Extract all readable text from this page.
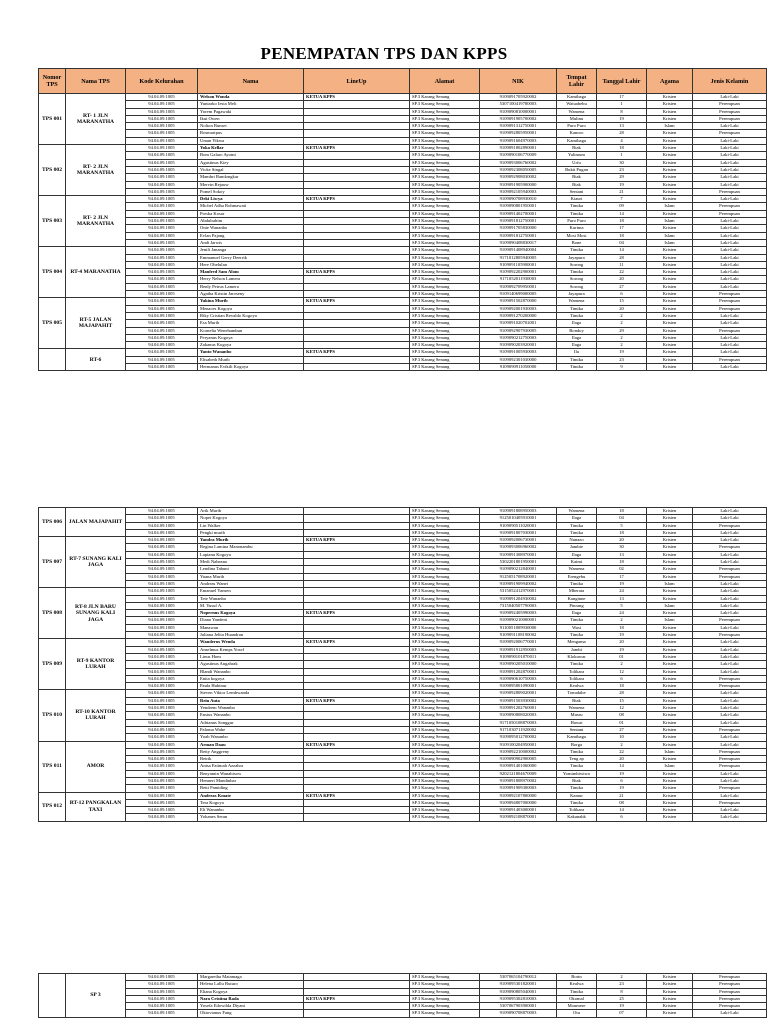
PENEMPATAN TPS DAN KPPS
Nomor TPS	Nama TPS	Kode Kelurahan	Nama	LineUp	Alamat	NIK	Tempat Lahir	Tanggal Lahir	Agama	Jenis Kelamin
TPS 001	RT- 1 JLN MARANATHA	94.04.09.1005	Welson Wonda	KETUA KPPS	SP.3 Karang Senang	9109091705920002	Kamibaga	17	Kristen	Laki-Laki
		94.04.09.1005	Yuniarko Iesta Meli		SP.3 Karang Senang	5307100419780003	Waiuabebu	1	Kristen	Perempuan
		94.04.09.1005	Yorem Pagawaki		SP.3 Karang Senang	9109090810000001	Wamena	8	Kristen	Perempuan
		94.04.09.1005	Ikut Owen		SP.3 Karang Senang	9109091905700002	Mulinu	19	Kristen	Perempuan
		94.04.09.1005	Nolton Bunsei		SP.3 Karang Senang	9109091312750001	Puro Puro	13	Islam	Laki-Laki
		94.04.09.1005	Rosmaripus		SP.3 Karang Senang	9109092805950001	Kanoro	28	Kristen	Perempuan
		94.04.09.1005	Uman Yikwa		SP.3 Karang Senang	9109091604970003	Kamibaga	4	Kristen	Laki-Laki
TPS 002	RT- 2 JLN MARANATHA	94.04.09.1005	Yoka Kellar	KETUA KPPS	SP.3 Karang Senang	9109091802890001	Biak	18	Kristen	Laki-Laki
		94.04.09.1005	Bom Galaro Ayomi		SP.3 Karang Senang	9109090106770009	Yalimum	1	Kristen	Laki-Laki
		94.04.09.1005	Agustinus Kiey		SP.3 Karang Senang	9109093006760002	Urfu	30	Kristen	Laki-Laki
		94.04.09.1005	Vicke Singal		SP.3 Karang Senang	9109092308050005	Bukit Pugan	23	Kristen	Laki-Laki
		94.04.09.1005	Mambri Randongkar		SP.3 Karang Senang	9109092908030002	Biak	29	Kristen	Laki-Laki
		94.04.09.1005	Mervin Rejauw		SP.3 Karang Senang	9109091905900000	Biak	19	Kristen	Laki-Laki
		94.04.09.1005	Pomel Sokoy		SP.3 Karang Senang	9109092105940003	Sentani	21	Kristen	Perempuan
TPS 003	RT- 2 JLN MARANATHA	94.04.09.1005	Deki Liwya	KETUA KPPS	SP.3 Karang Senang	9109090708930010	Kiauri	7	Kristen	Laki-Laki
		94.04.09.1005	Michel Adha Rohmawati		SP.3 Karang Senang	9109090801950001	Timika	09	Islam	Perempuan
		94.04.09.1005	Preska Kosar		SP.3 Karang Senang	9109091402700001	Timika	14	Kristen	Perempuan
		94.04.09.1005	Abdulrahim		SP.3 Karang Senang	9109091812750001	Puro Puro	18	Islam	Laki-Laki
		94.04.09.1005	Onie Wananbo		SP.3 Karang Senang	9109091705830000	Kurima	17	Kristen	Laki-Laki
		94.04.09.1005	Evlan Pajang		SP.3 Karang Senang	9109091812750001	Mosi Mosi	18	Islam	Laki-Laki
		94.04.09.1005	Andi Jarwis		SP.3 Karang Senang	9109090408830017	Bone	04	Islam	Laki-Laki
TPS 004	RT-4 MARANATHA	94.04.09.1005	Jenifi Jananga		SP.3 Karang Senang	9109091408940004	Timika	14	Kristen	Laki-Laki
		94.04.09.1005	Emmanuel Gerry Deerrik		SP.3 Karang Senang	9171012805940005	Jayapura	28	Kristen	Laki-Laki
		94.04.09.1005	Here Ohelulan		SP.3 Karang Senang	9109091105900001	Sorong	11	Kristen	Laki-Laki
		94.04.09.1005	Manfred Sam Alom	KETUA KPPS	SP.3 Karang Senang	9109092202900001	Timika	22	Kristen	Laki-Laki
		94.04.09.1005	Herry Nelson Lamera		SP.3 Karang Senang	9171052011930003	Sorong	20	Kristen	Laki-Laki
		94.04.09.1005	Benly Petrus Lamera		SP.3 Karang Senang	9109092709950001	Sorong	27	Kristen	Laki-Laki
		94.04.09.1005	Agatha Kristin Jaroseny		SP.3 Karang Senang	9109140699000005	Jayapura	6	Kristen	Perempuan
TPS 005	RT-5 JALAN MAJAPAHIT	94.04.09.1005	Yakina Murib	KETUA KPPS	SP.3 Karang Senang	9109091502870000	Wamena	15	Kristen	Perempuan
		94.04.09.1005	Menaces Kogoya		SP.3 Karang Senang	9109092001930003	Timika	20	Kristen	Perempuan
		94.04.09.1005	Riky Cristian Revaldo Kogoya		SP.3 Karang Senang	9109091270200000	Timika	2	Kristen	Laki-Laki
		94.04.09.1005	Esa Murib		SP.3 Karang Senang	9109091020702001	Ilaga	2	Kristen	Laki-Laki
		94.04.09.1005	Kornelia Wenehambun		SP.3 Karang Senang	9109092907930005	Bondoy	29	Kristen	Perempuan
		94.04.09.1005	Peryanus Kogoya		SP.3 Karang Senang	9109090212750003	Ilaga	2	Kristen	Laki-Laki
		94.04.09.1005	Zakanus Kogoya		SP.3 Karang Senang	9109090203920001	Ilaga	2	Kristen	Laki-Laki
	RT-6	94.04.09.1005	Yanto Wananbo	KETUA KPPS	SP.3 Karang Senang	9109091005930003	Ilu	19	Kristen	Laki-Laki
		94.04.09.1005	Elisabeth Murib		SP.3 Karang Senang	9109092301030000	Timika	23	Kristen	Perempuan
		94.04.09.1005	Hermanus Evikili Kogoya		SP.3 Karang Senang	9109090911050000	Timika	9	Kristen	Laki-Laki
TPS 006	JALAN MAJAPAHIT	94.04.09.1005	Arik Murib		SP.3 Karang Senang	9109091808950003	Wamena	18	Kristen	Laki-Laki
		94.04.09.1005	Nopei Kogoya		SP.3 Karang Senang	9125010405910001	Ilaga	04	Kristen	Laki-Laki
		94.04.09.1005	Lin Walker		SP.3 Karang Senang	9109090511020001	Timika	5	Kristen	Perempuan
		94.04.09.1005	Pengki murib		SP.3 Karang Senang	9109091807030001	Timika	18	Kristen	Laki-Laki
TPS 007	RT-7 SUNANG KALI JAGA	94.04.09.1005	Yandra Murib	KETUA KPPS	SP.3 Karang Senang	9109092006730001	Nunazo	20	Kristen	Laki-Laki
		94.04.09.1005	Regina Lamina Manonambu		SP.3 Karang Senang	9109093006960002	Jambie	30	Kristen	Perempuan
		94.04.09.1005	Laptanu Kogoya		SP.3 Karang Senang	9109091308970001	Ilaga	13	Kristen	Laki-Laki
		94.04.09.1005	Medi Nabeano		SP.3 Karang Senang	5302201801950001	Kaimt	18	Kristen	Laki-Laki
		94.04.09.1005	Lendina Tabuni		SP.3 Karang Senang	9109090212840001	Wamena	02	Kristen	Perempuan
		94.04.09.1005	Yuana Murib		SP.3 Karang Senang	9125051708920001	Erengebu	17	Kristen	Perempuan
		94.04.09.1005	Andreas Wanei		SP.3 Karang Senang	9109091909940002	Timika	19	Islam	Laki-Laki
TPS 008	RT-8 JLN BARU SUNANG KALI JAGA	94.04.09.1005	Emanuel Yansen		SP.3 Karang Senang	5315052412970001	Mberata	24	Kristen	Laki-Laki
		94.04.09.1005	Tete Wananbo		SP.3 Karang Senang	9109091204930002	Kanginne	13	Kristen	Laki-Laki
		94.04.09.1005	M. Yusuf A.		SP.3 Karang Senang	7315040507790003	Pinrang	5	Islam	Laki-Laki
		94.04.09.1005	Nopernus Kogoya	KETUA KPPS	SP.3 Karang Senang	9109092405990003	Ilaga	24	Kristen	Laki-Laki
		94.04.09.1005	Diana Yandeni		SP.3 Karang Senang	9109090210000001	Timika	2	Islam	Perempuan
		94.04.09.1005	Manawan		SP.3 Karang Senang	9110051809930000	Wasi	18	Kristen	Laki-Laki
		94.04.09.1005	Juliana Jelita Huandran		SP.3 Karang Senang	9109091108190002	Timika	19	Kristen	Perempuan
TPS 009	RT-9 KANTOR LURAH	94.04.09.1005	Wanderus Wenda	KETUA KPPS	SP.3 Karang Senang	9109092006770001	Mengama	20	Kristen	Laki-Laki
		94.04.09.1005	Anselmus Kemps Yosef		SP.3 Karang Senang	9109091912950003	Jambi	19	Kristen	Laki-Laki
		94.04.09.1005	Linus Hom		SP.3 Karang Senang	9109090101870011	Klokuwar	01	Kristen	Laki-Laki
		94.04.09.1005	Agustinus Angahrak		SP.3 Karang Senang	9109090205010000	Timika	2	Kristen	Laki-Laki
		94.04.09.1005	Blandi Wananbo		SP.3 Karang Senang	9109091202870001	Tolikara	12	Kristen	Laki-Laki
		94.04.09.1005	Enita kogoya		SP.3 Karang Senang	9109090610750003	Tolikara	6	Kristen	Perempuan
		94.04.09.1005	Paula Hubinur		SP.3 Karang Senang	9109095801090001	Kealwa	18	Kristen	Perempuan
TPS 010	RT-10 KANTOR LURAH	94.04.09.1005	Steven Viktor Lembwanda		SP.3 Karang Senang	9109092809020001	Tomakthe	28	Kristen	Laki-Laki
		94.04.09.1005	Rein Auta	KETUA KPPS	SP.3 Karang Senang	9109091503930002	Biak	15	Kristen	Laki-Laki
		94.04.09.1005	Yendrem Wananbo		SP.3 Karang Senang	9109091202760001	Wamena	12	Kristen	Laki-Laki
		94.04.09.1005	Ensius Wananbo		SP.3 Karang Senang	9109090808020003	Musru	08	Kristen	Laki-Laki
		94.04.09.1005	Adrianus Songgur		SP.3 Karang Senang	9171050108870003	Hawai	01	Kristen	Laki-Laki
		94.04.09.1005	Paloma Wabe		SP.3 Karang Senang	9171030711920002	Sentani	27	Kristen	Perempuan
		94.04.09.1005	Yoab Wananbo		SP.3 Karang Senang	9109095012700002	Kamibaga	10	Kristen	Laki-Laki
TPS 011	AMOR	94.04.09.1005	Arman Daau	KETUA KPPS	SP.3 Karang Senang	9109100204950001	Borga	2	Kristen	Laki-Laki
		94.04.09.1005	Retty Anggreny		SP.3 Karang Senang	9109092210000002	Timika	22	Islam	Perempuan
		94.04.09.1005	Betrik		SP.3 Karang Senang	9109090902900005	Teng ap	20	Kristen	Perempuan
		94.04.09.1005	Anisa Fatimah Azzahra		SP.3 Karang Senang	9109091401060000	Timika	14	Islam	Perempuan
		94.04.09.1005	Benyamin Wanabisow		SP.3 Karang Senang	9202121804670009	Yomimbiwiwo	19	Kristen	Laki-Laki
		94.04.09.1005	Henneri Mandinbar		SP.3 Karang Senang	9109091808970002	Biak	6	Kristen	Laki-Laki
		94.04.09.1005	Betti Pamiding		SP.3 Karang Senang	9109091909300003	Timika	19	Kristen	Perempuan
TPS 012	RT-12 PANGKALAN TAXI	94.04.09.1005	Andreas Kmate	KETUA KPPS	SP.3 Karang Senang	9109092107800000	Kamur	21	Kristen	Laki-Laki
		94.04.09.1005	Tera Kogoya		SP.3 Karang Senang	9109094807000000	Timika	08	Kristen	Perempuan
		94.04.09.1005	Eli Wananbo		SP.3 Karang Senang	9109091403000001	Tolikara	14	Kristen	Laki-Laki
		94.04.09.1005	Yohanes Seran		SP.3 Karang Senang	9109092108870001	Kakanahk	6	Kristen	Laki-Laki
	SP 3	94.04.09.1005	Margaretha Matamaga		SP.3 Karang Senang	5307065104790012	Borin	2	Kristen	Perempuan
		94.04.09.1005	Helena Lallu Buturo		SP.3 Karang Senang	9109095301820001	Kealwa	23	Kristen	Perempuan
		94.04.09.1005	Eliana Kogoya		SP.3 Karang Senang	9109090805040001	Timika	8	Kristen	Perempuan
		94.04.09.1005	Nara Cristina Rada	KETUA KPPS	SP.3 Karang Senang	9109095302810003	Okomal	25	Kristen	Perempuan
		94.04.09.1005	Yosefa Edowilda Diyani		SP.3 Karang Senang	5307067903900001	Moumere	19	Kristen	Perempuan
		94.04.09.1005	Oktovianus Fang		SP.3 Karang Senang	9109090708870003	Otu	07	Kristen	Laki-Laki
